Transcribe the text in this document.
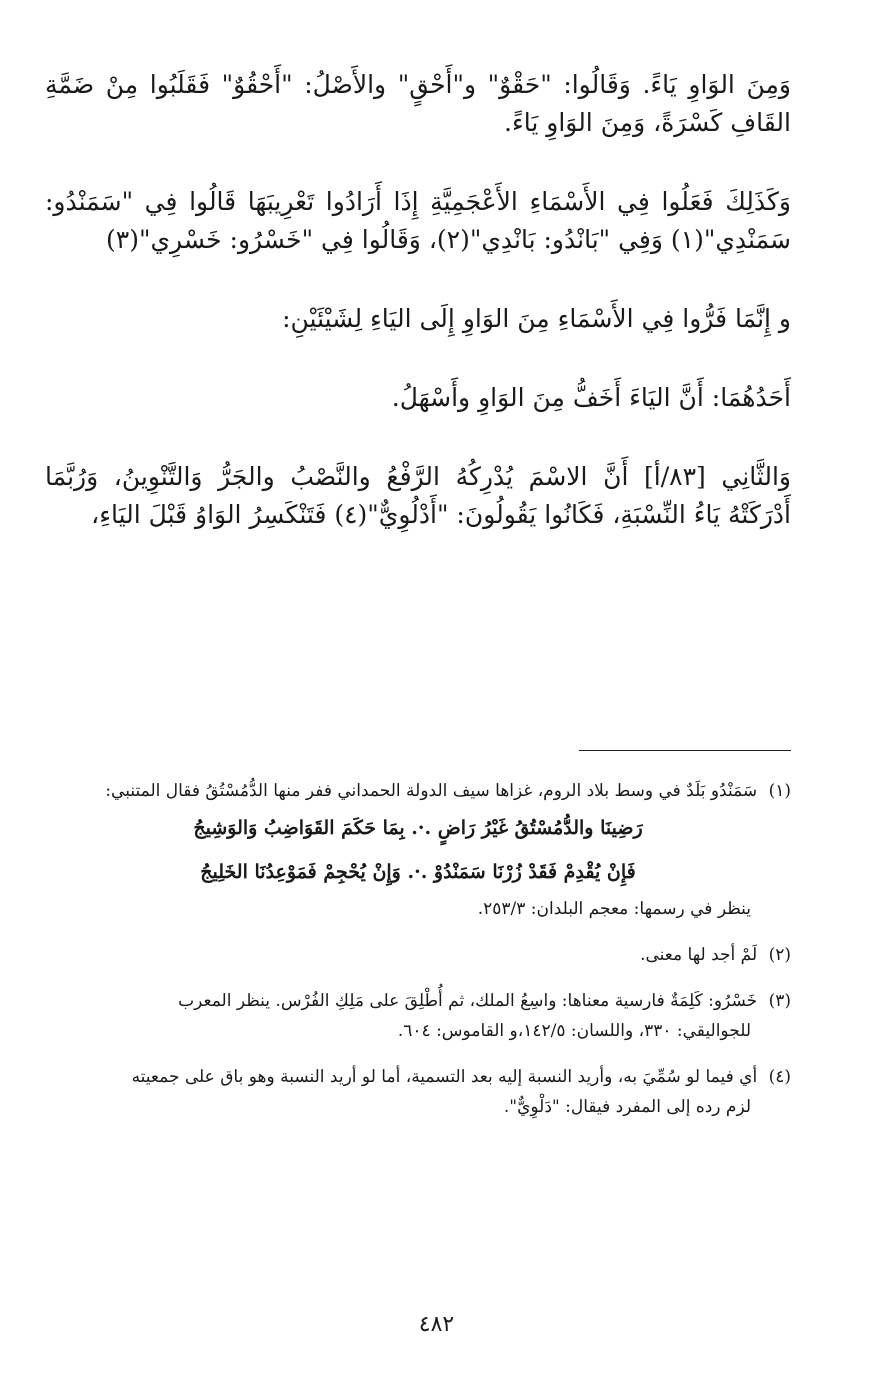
وَمِنَ الوَاوِ يَاءً. وَقَالُوا: "حَقْوٌ" و"أَحْقٍ" والأَصْلُ: "أَحْقُوٌ" فَقَلَبُوا مِنْ ضَمَّةِ القَافِ كَسْرَةً، وَمِنَ الوَاوِ يَاءً.

وَكَذَلِكَ فَعَلُوا فِي الأَسْمَاءِ الأَعْجَمِيَّةِ إِذَا أَرَادُوا تَعْرِيبَهَا قَالُوا فِي "سَمَنْدُو: سَمَنْدِي"(١) وَفِي "بَانْدُو: بَانْدِي"(٢)، وَقَالُوا فِي "خَسْرُو: خَسْرِي"(٣)

و إِنَّمَا فَرُّوا فِي الأَسْمَاءِ مِنَ الوَاوِ إِلَى اليَاءِ لِشَيْئَيْنِ:

أَحَدُهُمَا: أَنَّ اليَاءَ أَخَفُّ مِنَ الوَاوِ وأَسْهَلُ.

وَالثَّانِي [٨٣/أ] أَنَّ الاسْمَ يُدْرِكُهُ الرَّفْعُ والنَّصْبُ والجَرُّ وَالتَّنْوِينُ، وَرُبَّمَا أَدْرَكَتْهُ يَاءُ النِّسْبَةِ، فَكَانُوا يَقُولُونَ: "أَدْلُوِيٌّ"(٤) فَتَنْكَسِرُ الوَاوُ قَبْلَ اليَاءِ،

(١) سَمَنْدُو بَلَدٌ في وسط بلاد الروم، غزاها سيف الدولة الحمداني ففر منها الدُّمُسْتُقُ فقال المتنبي:
رَضِينَا والدُّمُسْتُقُ غَيْرُ رَاضٍ .·. بِمَا حَكَمَ القَوَاضِبُ وَالوَشِيجُ
فَإِنْ يُقْدِمْ فَقَدْ زُرْنَا سَمَنْدُوْ .·. وَإِنْ يُحْجِمْ فَمَوْعِدُنَا الخَلِيجُ
ينظر في رسمها: معجم البلدان: ٢٥٣/٣.
(٢) لَمْ أجد لها معنى.
(٣) خَسْرُو: كَلِمَةٌ فارسية معناها: واسِعُ الملك، ثم أُطْلِقَ على مَلِكِ الفُرْس. ينظر المعرب
للجواليقي: ٣٣٠، واللسان: ١٤٢/٥،و القاموس: ٦٠٤.
(٤) أي فيما لو سُمِّيَ به، وأريد النسبة إليه بعد التسمية، أما لو أريد النسبة وهو باق على جمعيته
لزم رده إلى المفرد فيقال: "دَلْوِيٌّ".
٤٨٢
